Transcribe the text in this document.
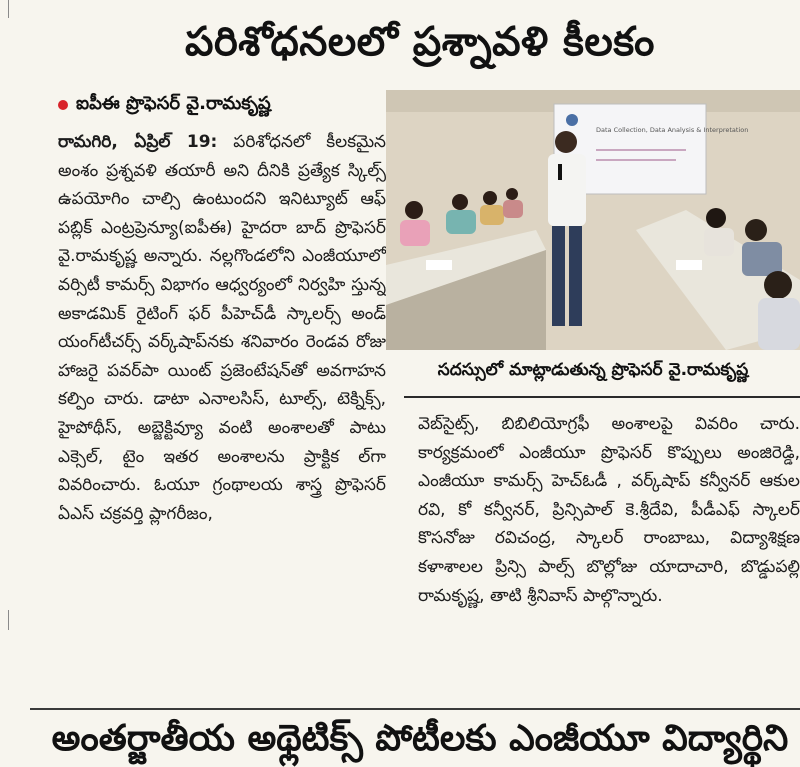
పరిశోధనలలో ప్రశ్నావళి కీలకం
ఐపీఈ ప్రొఫెసర్ వై.రామకృష్ణ
రామగిరి, ఏప్రిల్ 19: పరిశోధనలో కీలకమైన అంశం ప్రశ్నవళి తయారీ అని దీనికి ప్రత్యేక స్కిల్స్ ఉపయోగిం చాల్సి ఉంటుందని ఇనిట్యూట్ ఆఫ్ పబ్లిక్ ఎంట్రప్రెన్యూ(ఐపీఈ) హైదరా బాద్ ప్రొఫెసర్ వై.రామకృష్ణ అన్నారు. నల్లగొండలోని ఎంజీయూలో వర్సిటీ కామర్స్ విభాగం ఆధ్వర్యంలో నిర్వహి స్తున్న అకాడమిక్ రైటింగ్ ఫర్ పీహెచ్‌డీ స్కాలర్స్ అండ్ యంగ్‌టీచర్స్ వర్క్‌షాప్‌నకు శనివారం రెండవ రోజు హాజరై పవర్‌పా యింట్ ప్రజెంటేషన్‌తో అవగాహన కల్పిం చారు. డాటా ఎనాలసిస్, టూల్స్, టెక్నిక్స్, హైపోథీస్, అబ్జెక్టివ్యూ వంటి అంశాలతో పాటు ఎక్సెల్, టైం ఇతర అంశాలను ప్రాక్టిక ల్‌గా వివరించారు. ఓయూ గ్రంథాలయ శాస్త్ర ప్రొఫెసర్ ఏఎస్ చక్రవర్తి ప్లాగరీజం,
Data Collection, Data Analysis & Interpretation
సదస్సులో మాట్లాడుతున్న ప్రొఫెసర్ వై.రామకృష్ణ
వెబ్‌సైట్స్, బిబిలియోగ్రఫీ అంశాలపై వివరిం చారు. కార్యక్రమంలో ఎంజీయూ ప్రొఫెసర్ కొప్పులు అంజిరెడ్డి, ఎంజీయూ కామర్స్ హెచ్‌ఓడీ , వర్క్‌షాప్ కన్వీనర్ ఆకుల రవి, కో కన్వీనర్, ప్రిన్సిపాల్ కె.శ్రీదేవి, పీడీఎఫ్ స్కాలర్ కొసనోజు రవిచంద్ర, స్కాలర్ రాంబాబు, విద్యాశిక్షణ కళాశాలల ప్రిన్సి పాల్స్ బొల్లోజు యాదాచారి, బొడ్డుపల్లి రామకృష్ణ, తాటి శ్రీనివాస్ పాల్గొన్నారు.
అంతర్జాతీయ అథ్లెటిక్స్ పోటీలకు ఎంజీయూ విద్యార్థిని
